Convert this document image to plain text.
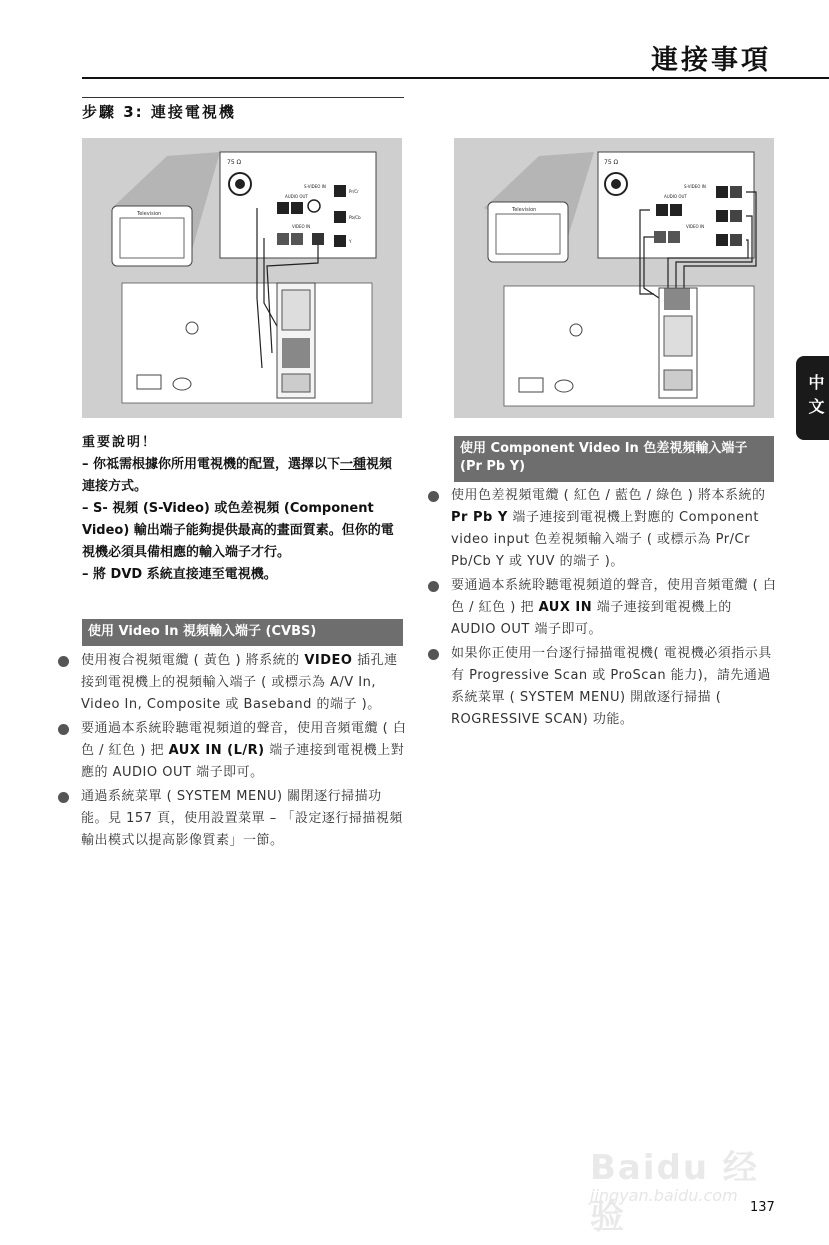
連接事項
步驟 3: 連接電視機
Television
75 Ω
S-VIDEO IN
AUDIO OUT
VIDEO IN
Pr/Cr
Pb/Cb
Y
Television
75 Ω
S-VIDEO IN
AUDIO OUT
VIDEO IN

重要說明！

– 你祗需根據你所用電視機的配置，選擇以下一種視頻連接方式。

– S- 視頻 (S-Video) 或色差視頻 (Component Video) 輸出端子能夠提供最高的畫面質素。但你的電視機必須具備相應的輸入端子才行。

– 將 DVD 系統直接連至電視機。

使用 Video In 視頻輸入端子 (CVBS)
使用複合視頻電纜 ( 黃色 ) 將系統的 VIDEO 插孔連接到電視機上的視頻輸入端子 ( 或標示為 A/V In, Video In, Composite 或 Baseband 的端子 )。
要通過本系統聆聽電視頻道的聲音，使用音頻電纜 ( 白色 / 紅色 ) 把 AUX IN (L/R) 端子連接到電視機上對應的 AUDIO OUT 端子即可。
通過系統菜單 ( SYSTEM MENU) 關閉逐行掃描功能。見 157 頁，使用設置菜單 – 「設定逐行掃描視頻輸出模式以提高影像質素」一節。
使用 Component Video In 色差視頻輸入端子 (Pr Pb Y)
使用色差視頻電纜 ( 紅色 / 藍色 / 綠色 ) 將本系統的 Pr Pb Y 端子連接到電視機上對應的 Component video input 色差視頻輸入端子 ( 或標示為 Pr/Cr Pb/Cb Y 或 YUV 的端子 )。
要通過本系統聆聽電視頻道的聲音，使用音頻電纜 ( 白色 / 紅色 ) 把 AUX IN 端子連接到電視機上的 AUDIO OUT 端子即可。
如果你正使用一台逐行掃描電視機( 電視機必須指示具有 Progressive Scan 或 ProScan 能力)，請先通過系統菜單 ( SYSTEM MENU) 開啟逐行掃描 ( ROGRESSIVE SCAN) 功能。
中文
Baidu 经验
jingyan.baidu.com
137
